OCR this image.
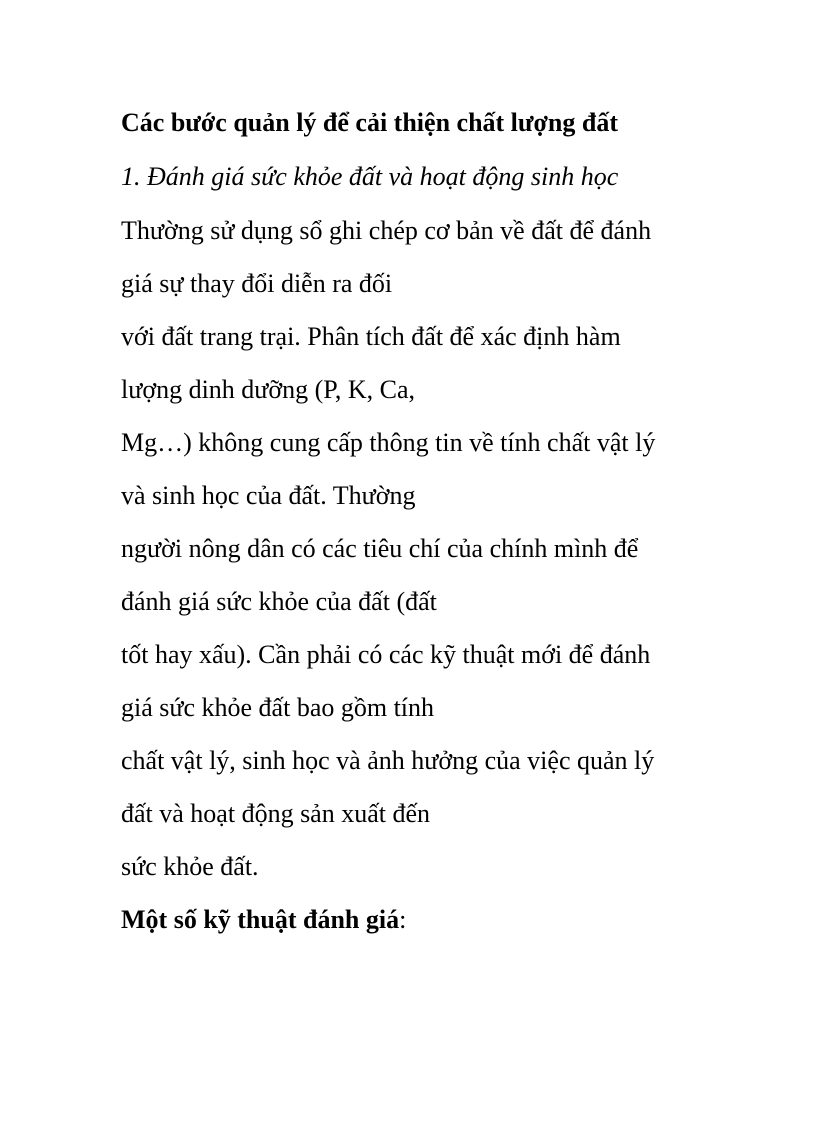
Các bước quản lý để cải thiện chất lượng đất

1. Đánh giá sức khỏe đất và hoạt động sinh học

Thường sử dụng sổ ghi chép cơ bản về đất để đánh

giá sự thay đổi diễn ra đối

với đất trang trại. Phân tích đất để xác định hàm

lượng dinh dưỡng (P, K, Ca,

Mg…) không cung cấp thông tin về tính chất vật lý

và sinh học của đất. Thường

người nông dân có các tiêu chí của chính mình để

đánh giá sức khỏe của đất (đất

tốt hay xấu). Cần phải có các kỹ thuật mới để đánh

giá sức khỏe đất bao gồm tính

chất vật lý, sinh học và ảnh hưởng của việc quản lý

đất và hoạt động sản xuất đến

sức khỏe đất.

Một số kỹ thuật đánh giá:
